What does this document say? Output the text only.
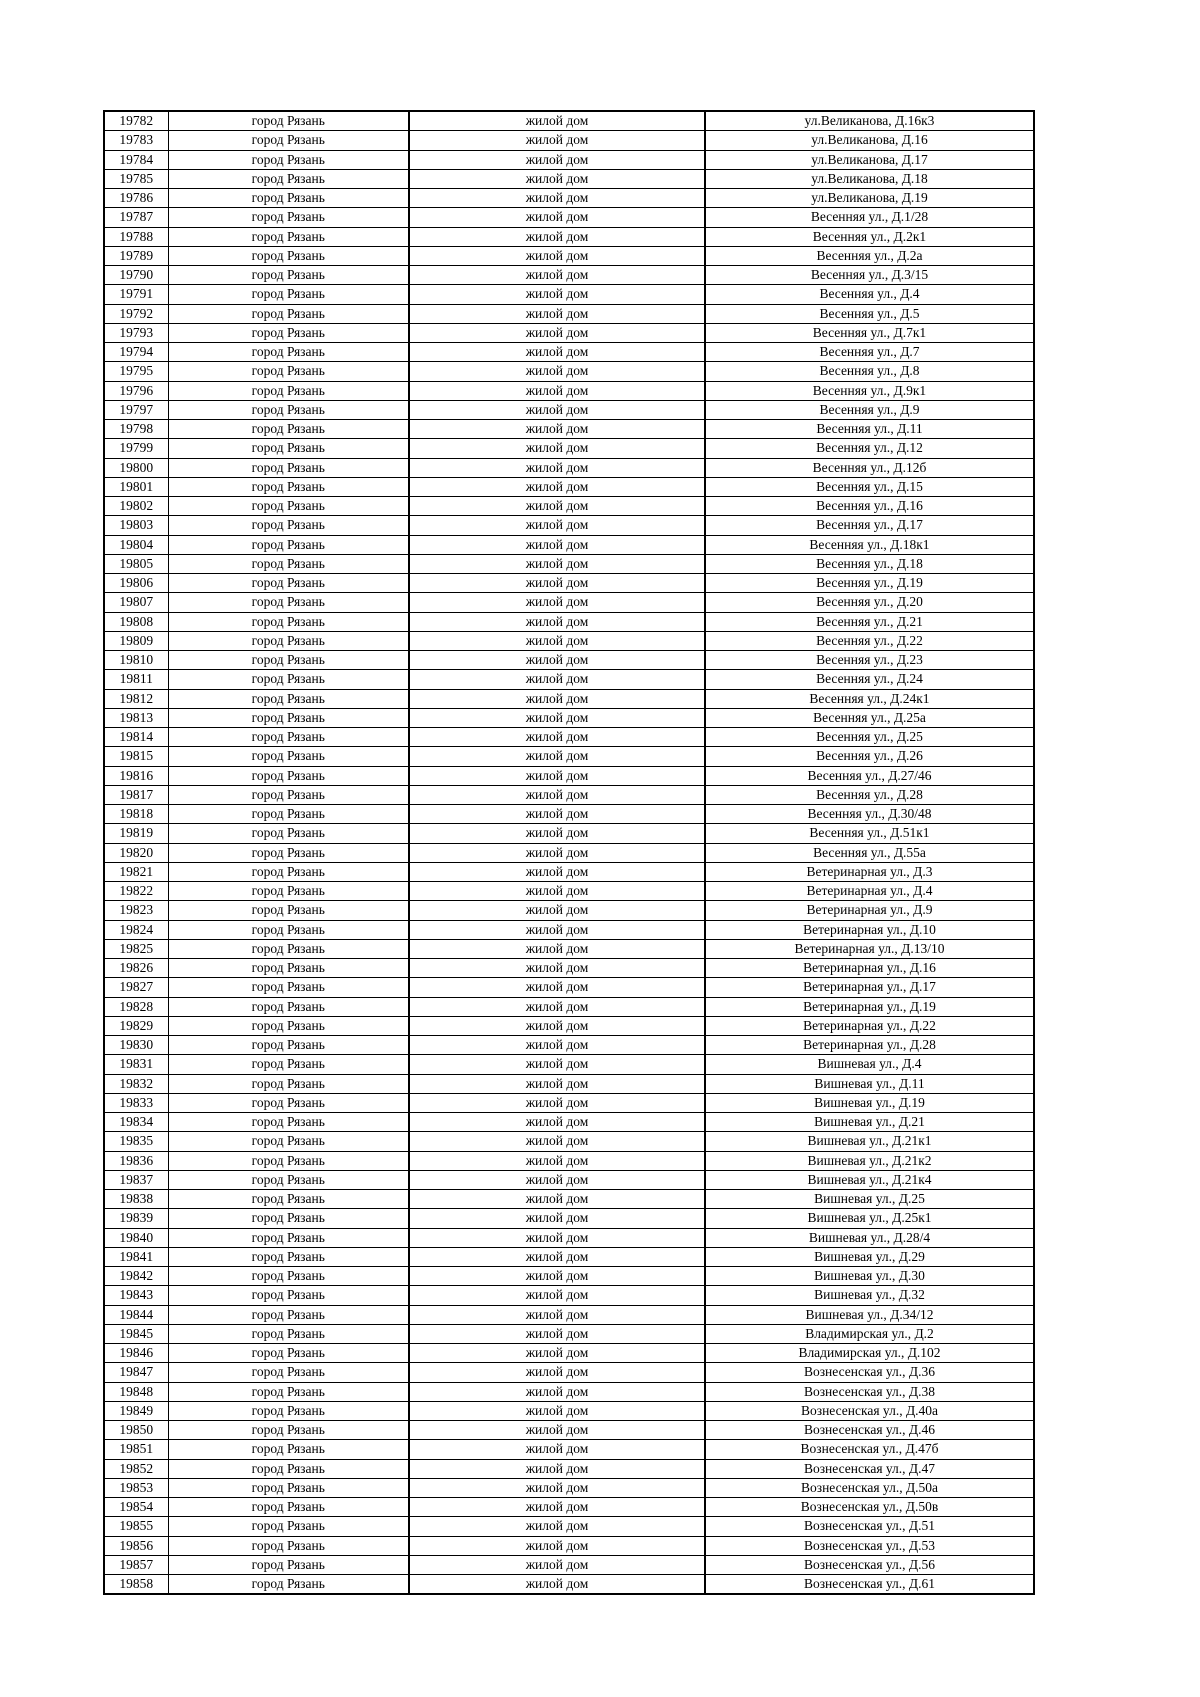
19782	город Рязань	жилой дом	ул.Великанова, Д.16к3
19783	город Рязань	жилой дом	ул.Великанова, Д.16
19784	город Рязань	жилой дом	ул.Великанова, Д.17
19785	город Рязань	жилой дом	ул.Великанова, Д.18
19786	город Рязань	жилой дом	ул.Великанова, Д.19
19787	город Рязань	жилой дом	Весенняя ул., Д.1/28
19788	город Рязань	жилой дом	Весенняя ул., Д.2к1
19789	город Рязань	жилой дом	Весенняя ул., Д.2а
19790	город Рязань	жилой дом	Весенняя ул., Д.3/15
19791	город Рязань	жилой дом	Весенняя ул., Д.4
19792	город Рязань	жилой дом	Весенняя ул., Д.5
19793	город Рязань	жилой дом	Весенняя ул., Д.7к1
19794	город Рязань	жилой дом	Весенняя ул., Д.7
19795	город Рязань	жилой дом	Весенняя ул., Д.8
19796	город Рязань	жилой дом	Весенняя ул., Д.9к1
19797	город Рязань	жилой дом	Весенняя ул., Д.9
19798	город Рязань	жилой дом	Весенняя ул., Д.11
19799	город Рязань	жилой дом	Весенняя ул., Д.12
19800	город Рязань	жилой дом	Весенняя ул., Д.12б
19801	город Рязань	жилой дом	Весенняя ул., Д.15
19802	город Рязань	жилой дом	Весенняя ул., Д.16
19803	город Рязань	жилой дом	Весенняя ул., Д.17
19804	город Рязань	жилой дом	Весенняя ул., Д.18к1
19805	город Рязань	жилой дом	Весенняя ул., Д.18
19806	город Рязань	жилой дом	Весенняя ул., Д.19
19807	город Рязань	жилой дом	Весенняя ул., Д.20
19808	город Рязань	жилой дом	Весенняя ул., Д.21
19809	город Рязань	жилой дом	Весенняя ул., Д.22
19810	город Рязань	жилой дом	Весенняя ул., Д.23
19811	город Рязань	жилой дом	Весенняя ул., Д.24
19812	город Рязань	жилой дом	Весенняя ул., Д.24к1
19813	город Рязань	жилой дом	Весенняя ул., Д.25а
19814	город Рязань	жилой дом	Весенняя ул., Д.25
19815	город Рязань	жилой дом	Весенняя ул., Д.26
19816	город Рязань	жилой дом	Весенняя ул., Д.27/46
19817	город Рязань	жилой дом	Весенняя ул., Д.28
19818	город Рязань	жилой дом	Весенняя ул., Д.30/48
19819	город Рязань	жилой дом	Весенняя ул., Д.51к1
19820	город Рязань	жилой дом	Весенняя ул., Д.55а
19821	город Рязань	жилой дом	Ветеринарная ул., Д.3
19822	город Рязань	жилой дом	Ветеринарная ул., Д.4
19823	город Рязань	жилой дом	Ветеринарная ул., Д.9
19824	город Рязань	жилой дом	Ветеринарная ул., Д.10
19825	город Рязань	жилой дом	Ветеринарная ул., Д.13/10
19826	город Рязань	жилой дом	Ветеринарная ул., Д.16
19827	город Рязань	жилой дом	Ветеринарная ул., Д.17
19828	город Рязань	жилой дом	Ветеринарная ул., Д.19
19829	город Рязань	жилой дом	Ветеринарная ул., Д.22
19830	город Рязань	жилой дом	Ветеринарная ул., Д.28
19831	город Рязань	жилой дом	Вишневая ул., Д.4
19832	город Рязань	жилой дом	Вишневая ул., Д.11
19833	город Рязань	жилой дом	Вишневая ул., Д.19
19834	город Рязань	жилой дом	Вишневая ул., Д.21
19835	город Рязань	жилой дом	Вишневая ул., Д.21к1
19836	город Рязань	жилой дом	Вишневая ул., Д.21к2
19837	город Рязань	жилой дом	Вишневая ул., Д.21к4
19838	город Рязань	жилой дом	Вишневая ул., Д.25
19839	город Рязань	жилой дом	Вишневая ул., Д.25к1
19840	город Рязань	жилой дом	Вишневая ул., Д.28/4
19841	город Рязань	жилой дом	Вишневая ул., Д.29
19842	город Рязань	жилой дом	Вишневая ул., Д.30
19843	город Рязань	жилой дом	Вишневая ул., Д.32
19844	город Рязань	жилой дом	Вишневая ул., Д.34/12
19845	город Рязань	жилой дом	Владимирская ул., Д.2
19846	город Рязань	жилой дом	Владимирская ул., Д.102
19847	город Рязань	жилой дом	Вознесенская ул., Д.36
19848	город Рязань	жилой дом	Вознесенская ул., Д.38
19849	город Рязань	жилой дом	Вознесенская ул., Д.40а
19850	город Рязань	жилой дом	Вознесенская ул., Д.46
19851	город Рязань	жилой дом	Вознесенская ул., Д.47б
19852	город Рязань	жилой дом	Вознесенская ул., Д.47
19853	город Рязань	жилой дом	Вознесенская ул., Д.50а
19854	город Рязань	жилой дом	Вознесенская ул., Д.50в
19855	город Рязань	жилой дом	Вознесенская ул., Д.51
19856	город Рязань	жилой дом	Вознесенская ул., Д.53
19857	город Рязань	жилой дом	Вознесенская ул., Д.56
19858	город Рязань	жилой дом	Вознесенская ул., Д.61
